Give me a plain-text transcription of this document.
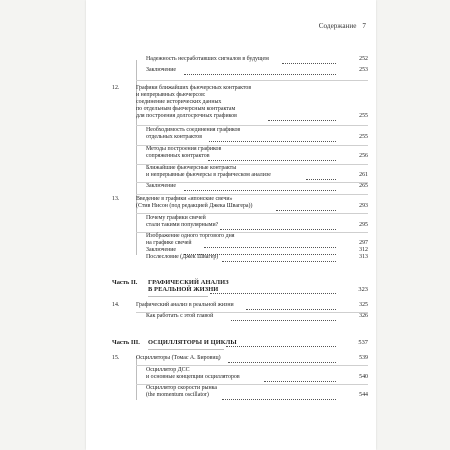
Содержание 7
Надежность несработавших сигналов в будущем	252
Заключение	253
12.	Графики ближайших фьючерсных контрактов
и непрерывных фьючерсов:
соединение исторических данных
по отдельным фьючерсным контрактам
для построения долгосрочных графиков	255
Необходимость соединения графиков
отдельных контрактов	255
Методы построения графиков
сопряженных контрактов	256
Ближайшие фьючерсные контракты
и непрерывные фьючерсы в графическом анализе	261
Заключение	265
13.	Введение в графики «японские свечи»
(Стив Нисон (под редакцией Джека Швагера))	293
Почему графики свечей
стали такими популярными?	295
Изображение одного торгового дня
на графике свечей	297
Заключение	312
Послесловие (Джек Швагер)	313
Часть II. ГРАФИЧЕСКИЙ АНАЛИЗ
В РЕАЛЬНОЙ ЖИЗНИ	323
14.	Графический анализ в реальной жизни	325
Как работать с этой главой	326
Часть III. ОСЦИЛЛЯТОРЫ И ЦИКЛЫ	537
15.	Осцилляторы (Томас А. Бировиц)	539
Осциллятор ДСС
и основные концепции осцилляторов	540
Осциллятор скорости рынка
(the momentum oscillator)	544
